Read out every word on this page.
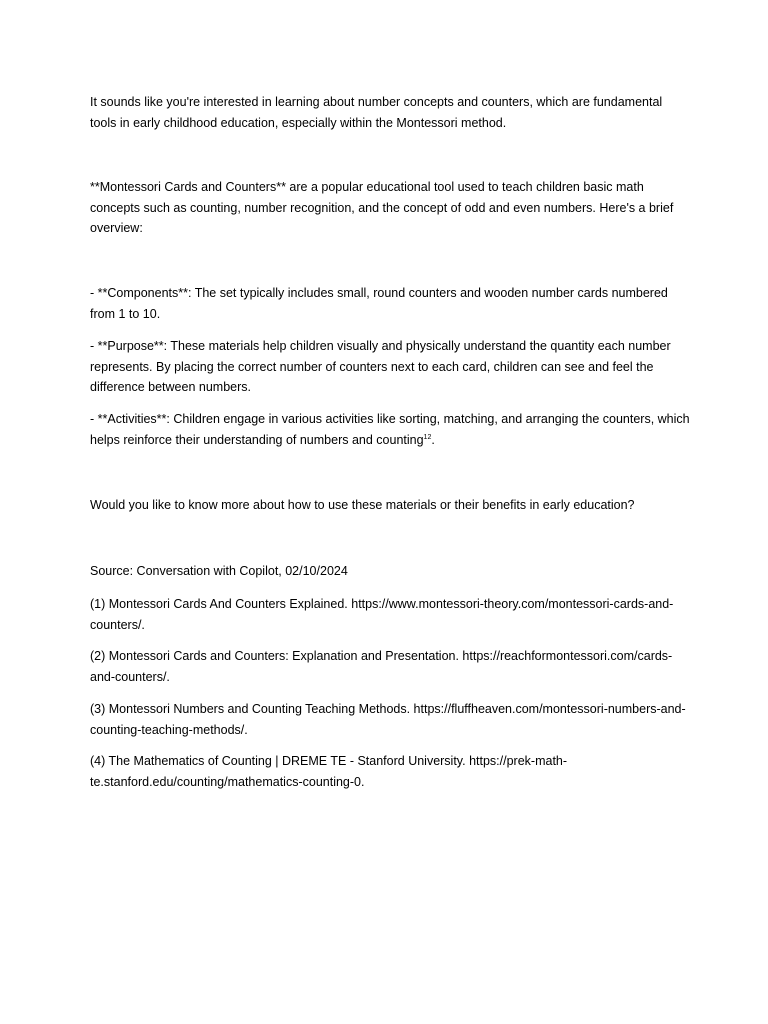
It sounds like you're interested in learning about number concepts and counters, which are fundamental tools in early childhood education, especially within the Montessori method.

**Montessori Cards and Counters** are a popular educational tool used to teach children basic math concepts such as counting, number recognition, and the concept of odd and even numbers. Here's a brief overview:

- **Components**: The set typically includes small, round counters and wooden number cards numbered from 1 to 10.

- **Purpose**: These materials help children visually and physically understand the quantity each number represents. By placing the correct number of counters next to each card, children can see and feel the difference between numbers.

- **Activities**: Children engage in various activities like sorting, matching, and arranging the counters, which helps reinforce their understanding of numbers and counting$^{12}$.

Would you like to know more about how to use these materials or their benefits in early education?

Source: Conversation with Copilot, 02/10/2024

(1) Montessori Cards And Counters Explained. https://www.montessori-theory.com/montessori-cards-and-counters/.

(2) Montessori Cards and Counters: Explanation and Presentation. https://reachformontessori.com/cards-and-counters/.

(3) Montessori Numbers and Counting Teaching Methods. https://fluffheaven.com/montessori-numbers-and-counting-teaching-methods/.

(4) The Mathematics of Counting | DREME TE - Stanford University. https://prek-math-te.stanford.edu/counting/mathematics-counting-0.
